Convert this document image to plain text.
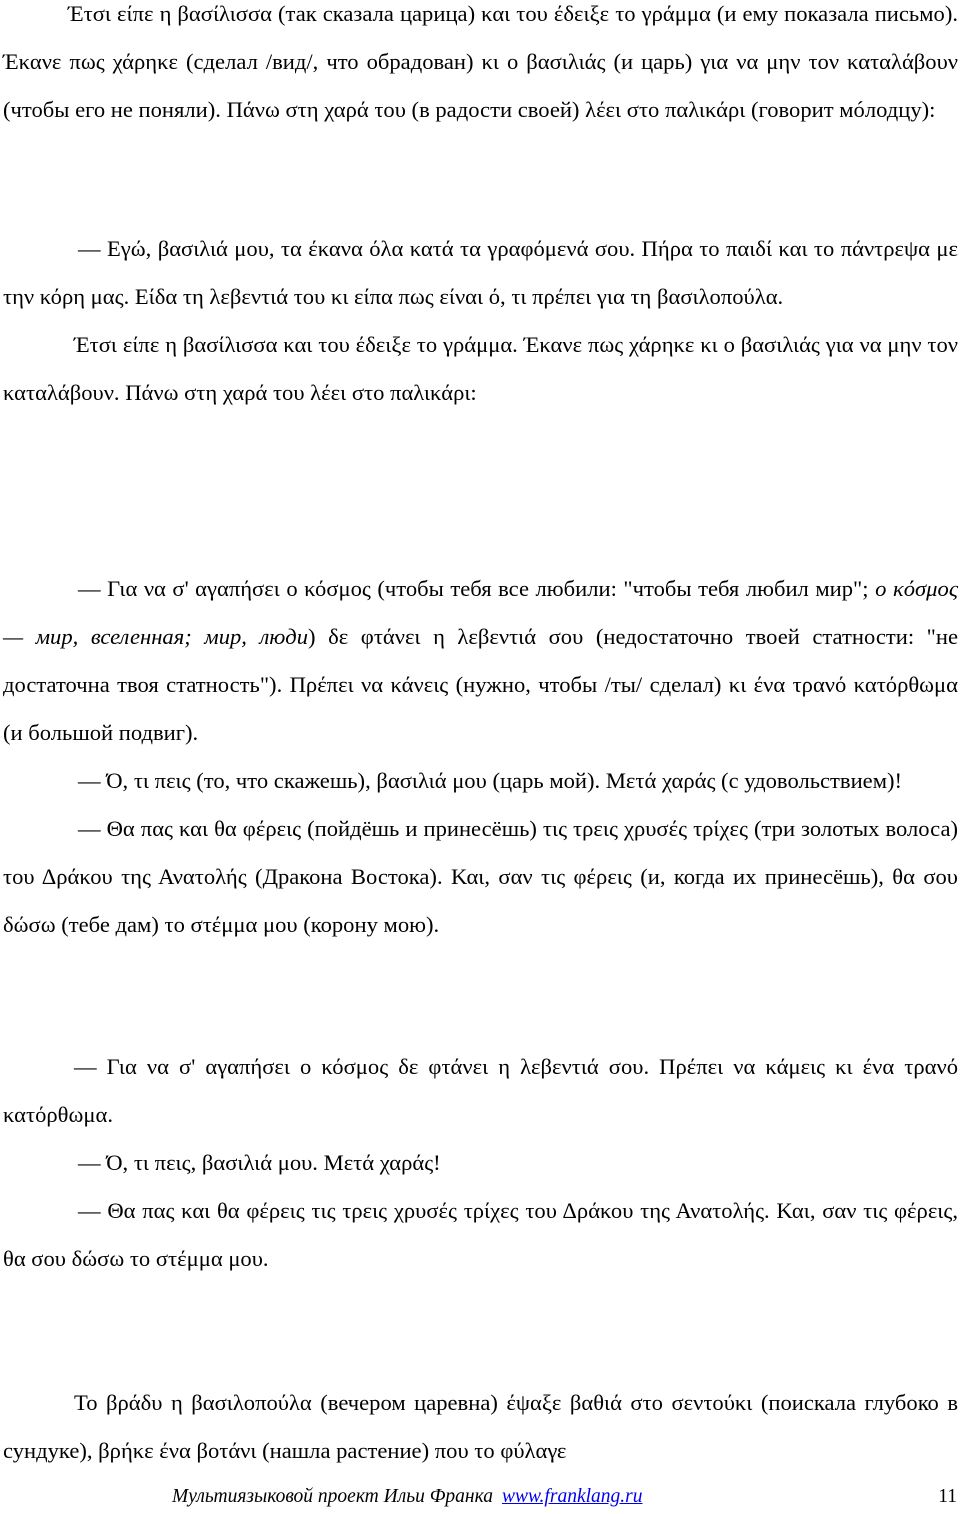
Έτσι είπε η βασίλισσα (так сказала царица) και του έδειξε το γράμμα (и ему показала письмо). Έκανε πως χάρηκε (сделал /вид/, что обрадован) κι ο βασιλιάς (и царь) για να μην τον καταλάβουν (чтобы его не поняли). Πάνω στη χαρά του (в радости своей) λέει στο παλικάρι (говорит мóлодцу):

— Εγώ, βασιλιά μου, τα έκανα όλα κατά τα γραφόμενά σου. Πήρα το παιδί και το πάντρεψα με την κόρη μας. Είδα τη λεβεντιά του κι είπα πως είναι ό, τι πρέπει για τη βασιλοπούλα.

Έτσι είπε η βασίλισσα και του έδειξε το γράμμα. Έκανε πως χάρηκε κι ο βασιλιάς για να μην τον καταλάβουν. Πάνω στη χαρά του λέει στο παλικάρι:

— Για να σ' αγαπήσει ο κόσμος (чтобы тебя все любили: "чтобы тебя любил мир"; ο κόσμος — мир, вселенная; мир, люди) δε φτάνει η λεβεντιά σου (недостаточно твоей статности: "не достаточна твоя статность"). Πρέπει να κάνεις (нужно, чтобы /ты/ сделал) κι ένα τρανό κατόρθωμα (и большой подвиг).

— Ό, τι πεις (то, что скажешь), βασιλιά μου (царь мой). Μετά χαράς (с удовольствием)!

— Θα πας και θα φέρεις (пойдёшь и принесёшь) τις τρεις χρυσές τρίχες (три золотых волоса) του Δράκου της Ανατολής (Дракона Востока). Και, σαν τις φέρεις (и, когда их принесёшь), θα σου δώσω (тебе дам) το στέμμα μου (корону мою).

— Για να σ' αγαπήσει ο κόσμος δε φτάνει η λεβεντιά σου. Πρέπει να κάμεις κι ένα τρανό κατόρθωμα.

— Ό, τι πεις, βασιλιά μου. Μετά χαράς!

— Θα πας και θα φέρεις τις τρεις χρυσές τρίχες του Δράκου της Ανατολής. Και, σαν τις φέρεις, θα σου δώσω το στέμμα μου.

Το βράδυ η βασιλοπούλα (вечером царевна) έψαξε βαθιά στο σεντούκι (поискала глубоко в сундуке), βρήκε ένα βοτάνι (нашла растение) που το φύλαγε

Мультиязыковой проект Ильи Франка www.franklang.ru	11
